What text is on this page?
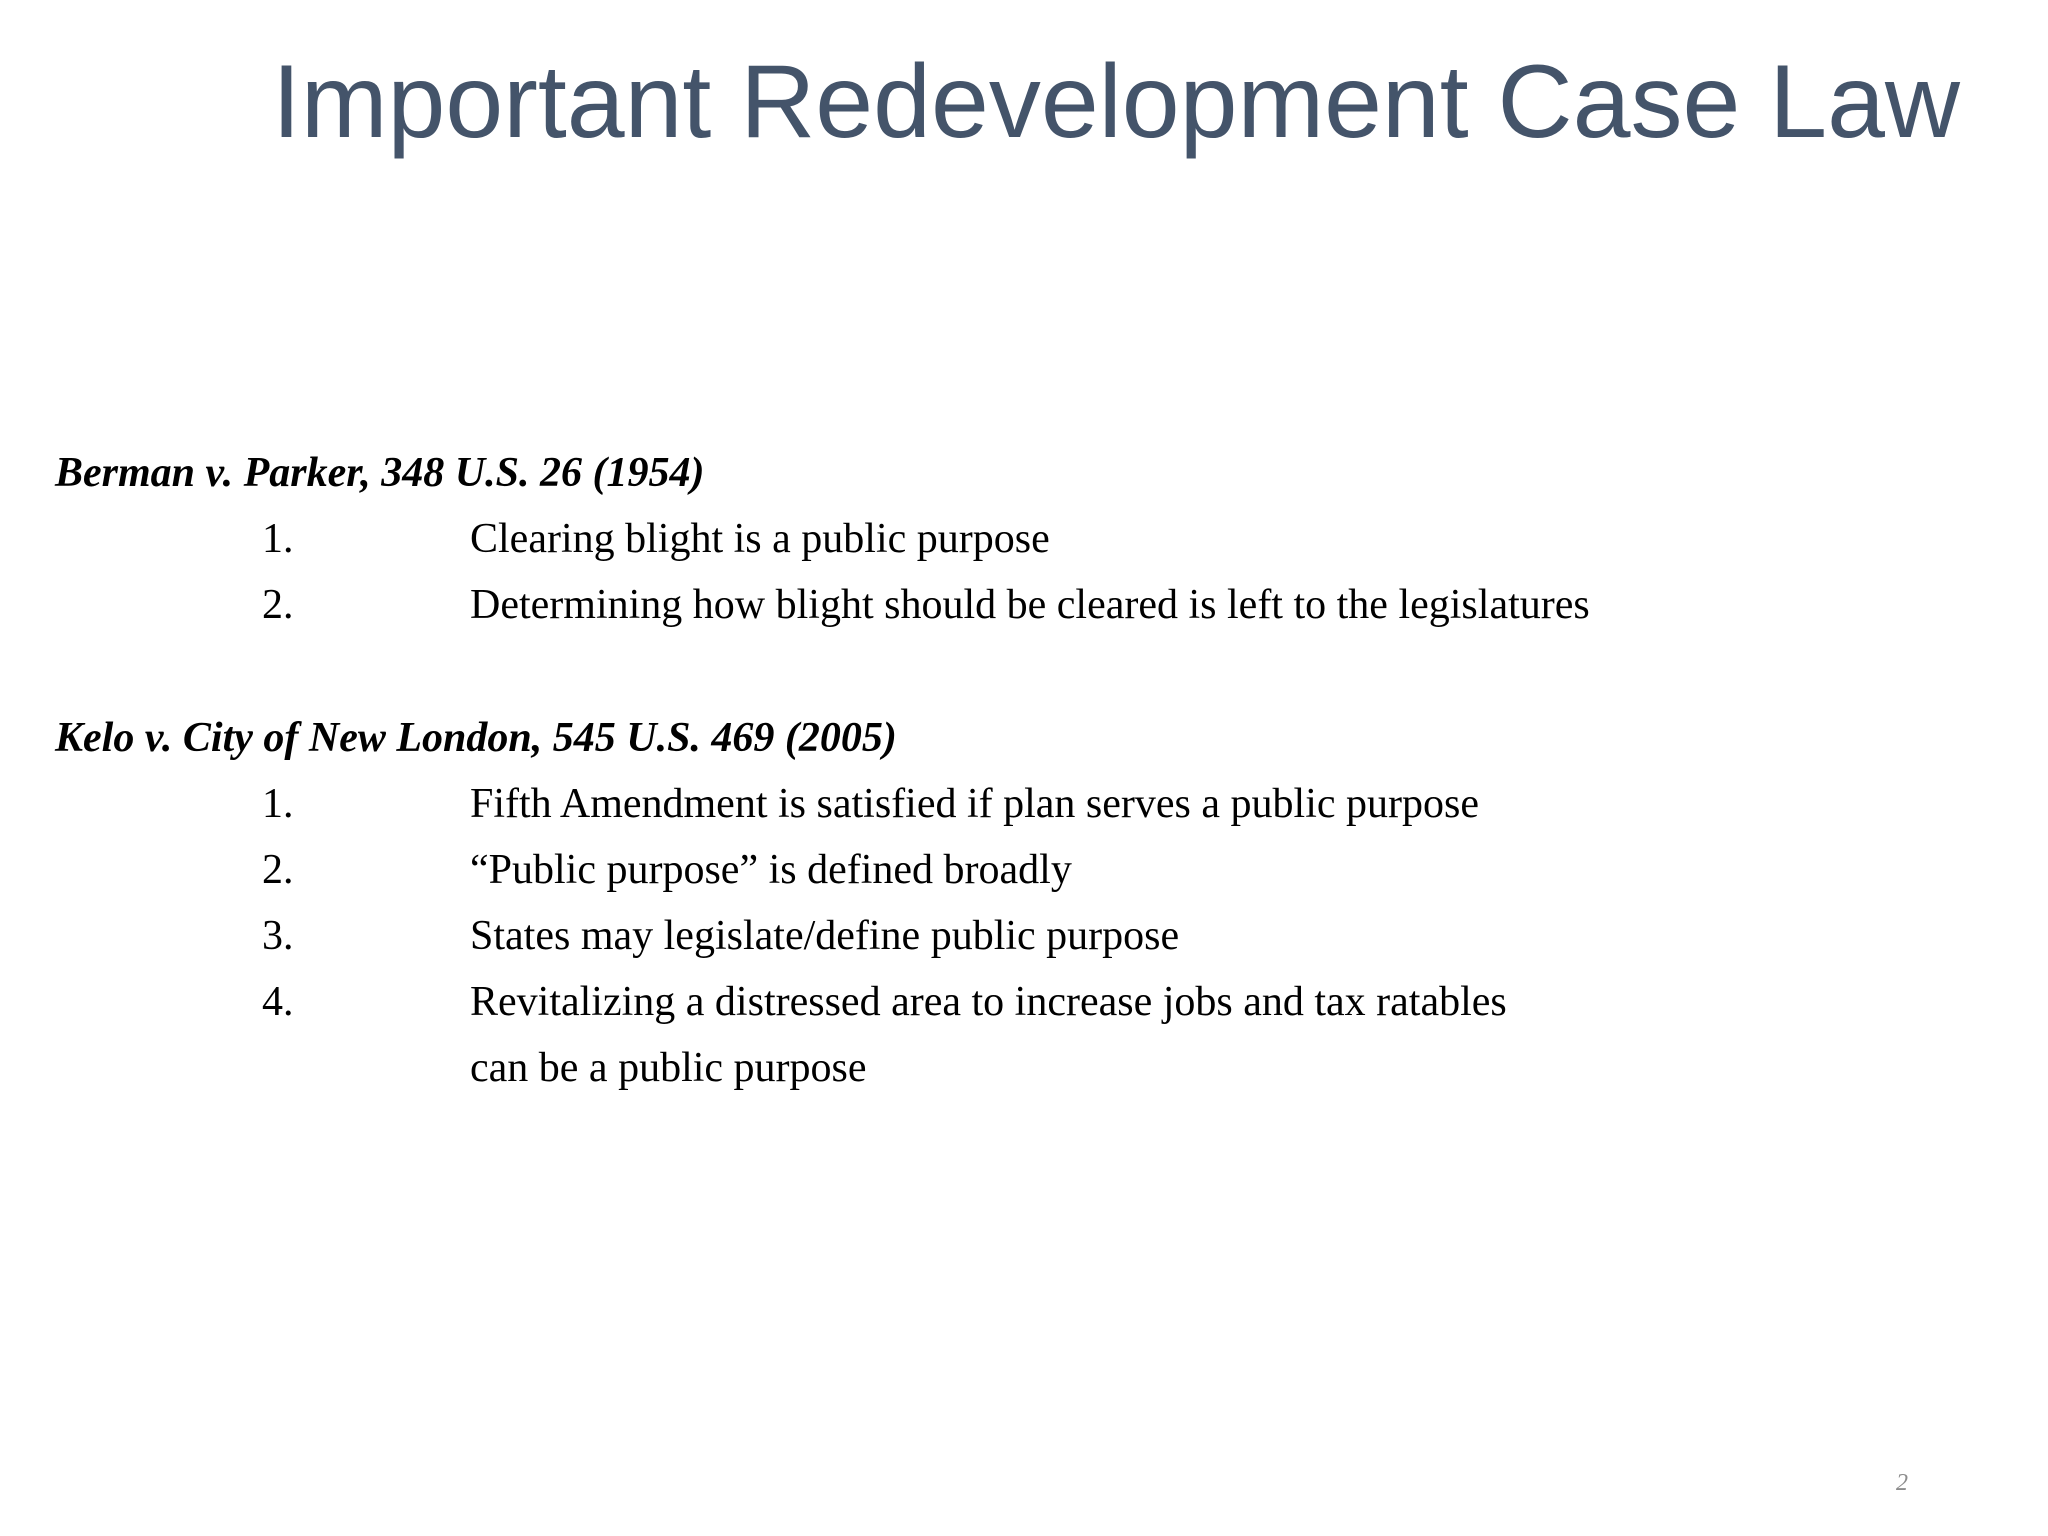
Important Redevelopment Case Law
Berman v. Parker, 348 U.S. 26 (1954)
1.	Clearing blight is a public purpose
2.	Determining how blight should be cleared is left to the legislatures
Kelo v. City of New London, 545 U.S. 469 (2005)
1.	Fifth Amendment is satisfied if plan serves a public purpose
2.	“Public purpose” is defined broadly
3.	States may legislate/define public purpose
4.	Revitalizing a distressed area to increase jobs and tax ratables
can be a public purpose
2
